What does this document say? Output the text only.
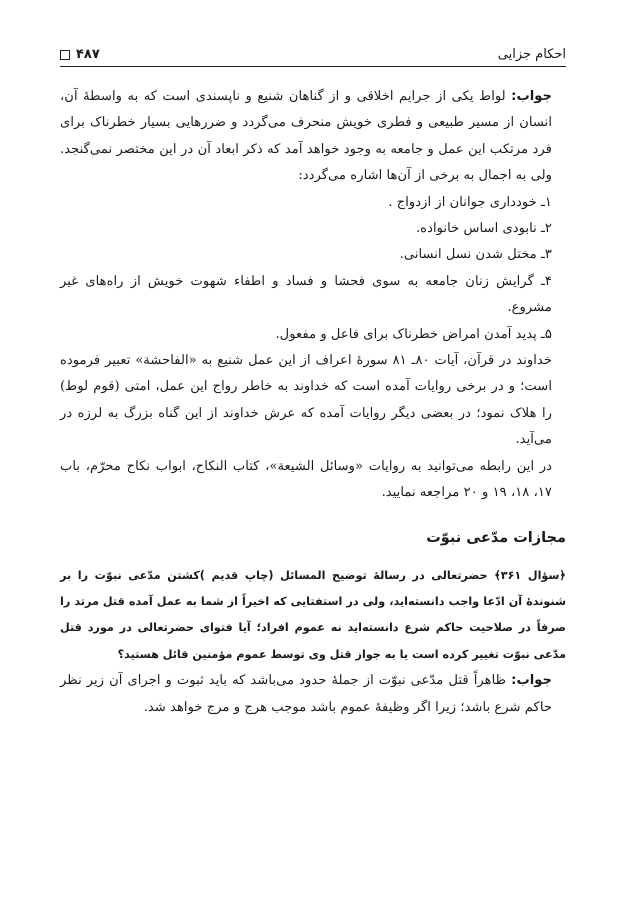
احکام جزایی
۴۸۷

جواب: لواط یکی از جرایم اخلاقی و از گناهان شنیع و ناپسندی است که به واسطهٔ آن، انسان از مسیر طبیعی و فطری خویش منحرف می‌گردد و ضررهایی بسیار خطرناک برای فرد مرتکب این عمل و جامعه به وجود خواهد آمد که ذکر ابعاد آن در این مختصر نمی‌گنجد. ولی به اجمال به برخی از آن‌ها اشاره می‌گردد:

۱ـ خودداری جوانان از ازدواج .

۲ـ نابودی اساس خانواده.

۳ـ مختل شدن نسل انسانی.

۴ـ گرایش زنان جامعه به سوی فحشا و فساد و اطفاء شهوت خویش از راه‌های غیر مشروع.

۵ـ پدید آمدن امراض خطرناک برای فاعل و مفعول.

خداوند در قرآن، آیات ۸۰ـ ۸۱ سورهٔ اعراف از این عمل شنیع به «الفاحشة» تعبیر فرموده است؛ و در برخی روایات آمده است که خداوند به خاطر رواج این عمل، امتی (قوم لوط) را هلاک نمود؛ در بعضی دیگر روایات آمده که عرش خداوند از این گناه بزرگ به لرزه در می‌آید.

در این رابطه می‌توانید به روایات «وسائل الشیعة»، کتاب النکاح، ابواب نکاح محرّم، باب ۱۷، ۱۸، ۱۹ و ۲۰ مراجعه نمایید.

مجازات مدّعی نبوّت

﴿سؤال ۳۶۱﴾ حضرتعالی در رسالهٔ توضیح المسائل (چاپ قدیم )کشتن مدّعی نبوّت را بر شنوندهٔ آن ادّعا واجب دانسته‌اید، ولی در استفتایی که اخیراً از شما به عمل آمده قتل مرتد را صرفاً در صلاحیت حاکم شرع دانسته‌اید نه عموم افراد؛ آیا فتوای حضرتعالی در مورد قتل مدّعی نبوّت تغییر کرده است یا به جواز قتل وی توسط عموم مؤمنین قائل هستید؟

جواب: ظاهراً قتل مدّعی نبوّت از جملهٔ حدود می‌باشد که باید ثبوت و اجرای آن زیر نظر حاکم شرع باشد؛ زیرا اگر وظیفهٔ عموم باشد موجب هرج و مرج خواهد شد.
